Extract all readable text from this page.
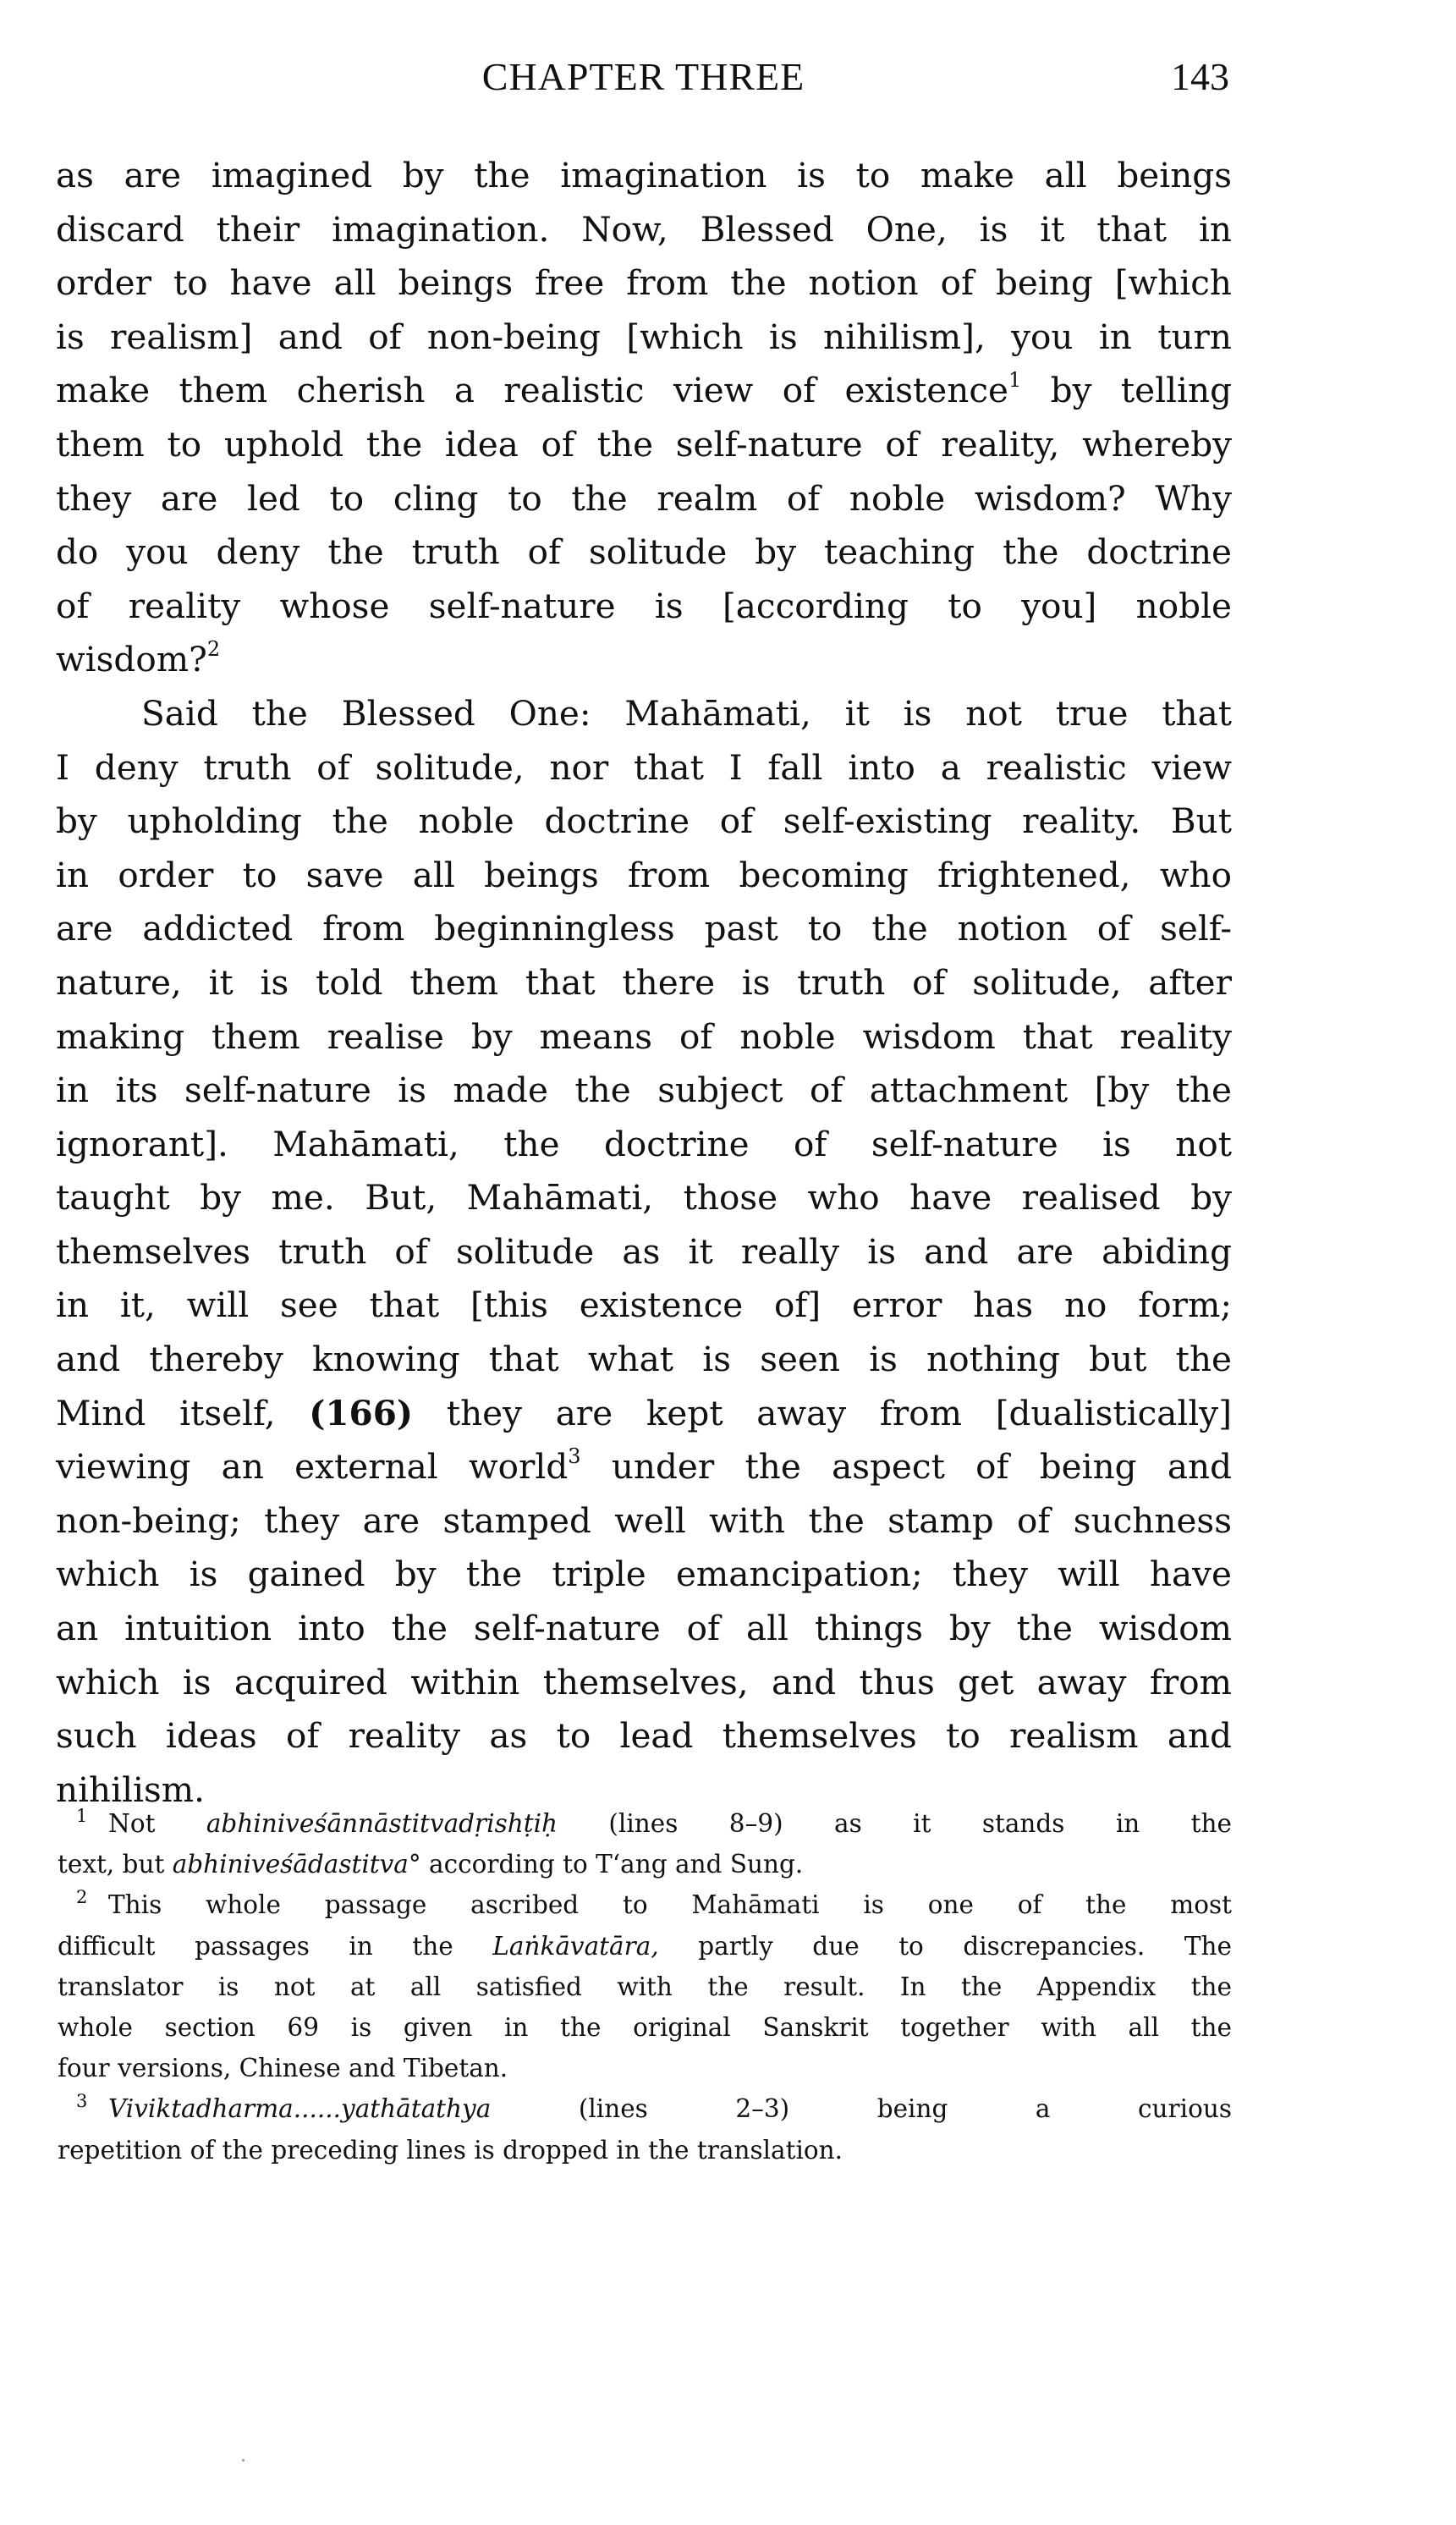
CHAPTER THREE	143
as are imagined by the imagination is to make all beings
discard their imagination. Now, Blessed One, is it that in
order to have all beings free from the notion of being [which
is realism] and of non-being [which is nihilism], you in turn
make them cherish a realistic view of existence$^1$ by telling
them to uphold the idea of the self-nature of reality, whereby
they are led to cling to the realm of noble wisdom? Why
do you deny the truth of solitude by teaching the doctrine
of reality whose self-nature is [according to you] noble
wisdom?$^2$
Said the Blessed One: Mahāmati, it is not true that
I deny truth of solitude, nor that I fall into a realistic view
by upholding the noble doctrine of self-existing reality. But
in order to save all beings from becoming frightened, who
are addicted from beginningless past to the notion of self-
nature, it is told them that there is truth of solitude, after
making them realise by means of noble wisdom that reality
in its self-nature is made the subject of attachment [by the
ignorant]. Mahāmati, the doctrine of self-nature is not
taught by me. But, Mahāmati, those who have realised by
themselves truth of solitude as it really is and are abiding
in it, will see that [this existence of] error has no form;
and thereby knowing that what is seen is nothing but the
Mind itself, (166) they are kept away from [dualistically]
viewing an external world$^3$ under the aspect of being and
non-being; they are stamped well with the stamp of suchness
which is gained by the triple emancipation; they will have
an intuition into the self-nature of all things by the wisdom
which is acquired within themselves, and thus get away from
such ideas of reality as to lead themselves to realism and
nihilism.
1 Not abhiniveśānnāstitvadṛishṭiḥ (lines 8–9) as it stands in the
text, but abhiniveśādastitva° according to T‘ang and Sung.
2 This whole passage ascribed to Mahāmati is one of the most
difficult passages in the Laṅkāvatāra, partly due to discrepancies. The
translator is not at all satisfied with the result. In the Appendix the
whole section 69 is given in the original Sanskrit together with all the
four versions, Chinese and Tibetan.
3 Viviktadharma......yathātathya (lines 2–3) being a curious
repetition of the preceding lines is dropped in the translation.
